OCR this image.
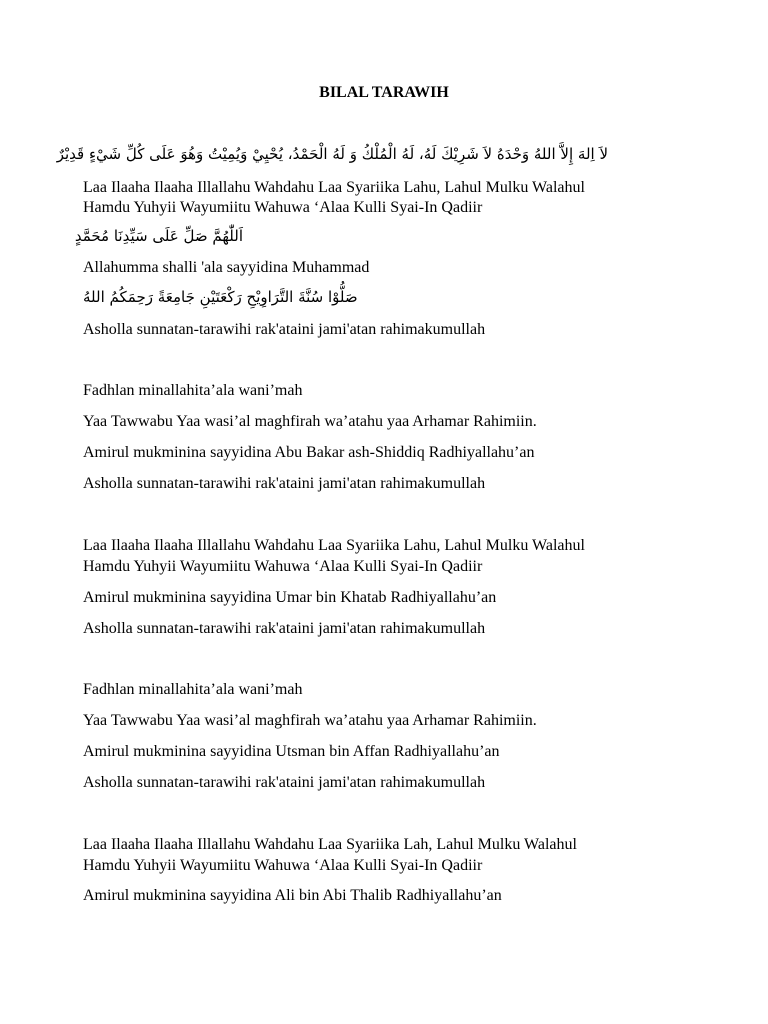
BILAL TARAWIH
لاَ اِلهَ إِلاَّ اللهُ وَحْدَهُ لاَ شَرِيْكَ لَهُ، لَهُ الْمُلْكُ وَ لَهُ الْحَمْدُ، يُحْيِيْ وَيُمِيْتُ وَهُوَ عَلَى كُلِّ شَيْءٍ قَدِيْرٌ
Laa Ilaaha Ilaaha Illallahu Wahdahu Laa Syariika Lahu, Lahul Mulku Walahul
Hamdu Yuhyii Wayumiitu Wahuwa ‘Alaa Kulli Syai-In Qadiir
اَللّٰهُمَّ صَلِّ عَلَى سَيِّدِنَا مُحَمَّدٍ
Allahumma shalli 'ala sayyidina Muhammad
صَلُّوْا سُنَّةَ التَّرَاوِيْحِ رَكْعَتَيْنِ جَامِعَةً رَحِمَكُمُ اللهُ
Asholla sunnatan-tarawihi rak'ataini jami'atan rahimakumullah
Fadhlan minallahita’ala wani’mah
Yaa Tawwabu Yaa wasi’al maghfirah wa’atahu yaa Arhamar Rahimiin.
Amirul mukminina sayyidina Abu Bakar ash-Shiddiq Radhiyallahu’an
Asholla sunnatan-tarawihi rak'ataini jami'atan rahimakumullah
Laa Ilaaha Ilaaha Illallahu Wahdahu Laa Syariika Lahu, Lahul Mulku Walahul
Hamdu Yuhyii Wayumiitu Wahuwa ‘Alaa Kulli Syai-In Qadiir
Amirul mukminina sayyidina Umar bin Khatab Radhiyallahu’an
Asholla sunnatan-tarawihi rak'ataini jami'atan rahimakumullah
Fadhlan minallahita’ala wani’mah
Yaa Tawwabu Yaa wasi’al maghfirah wa’atahu yaa Arhamar Rahimiin.
Amirul mukminina sayyidina Utsman bin Affan Radhiyallahu’an
Asholla sunnatan-tarawihi rak'ataini jami'atan rahimakumullah
Laa Ilaaha Ilaaha Illallahu Wahdahu Laa Syariika Lah, Lahul Mulku Walahul
Hamdu Yuhyii Wayumiitu Wahuwa ‘Alaa Kulli Syai-In Qadiir
Amirul mukminina sayyidina Ali bin Abi Thalib Radhiyallahu’an
